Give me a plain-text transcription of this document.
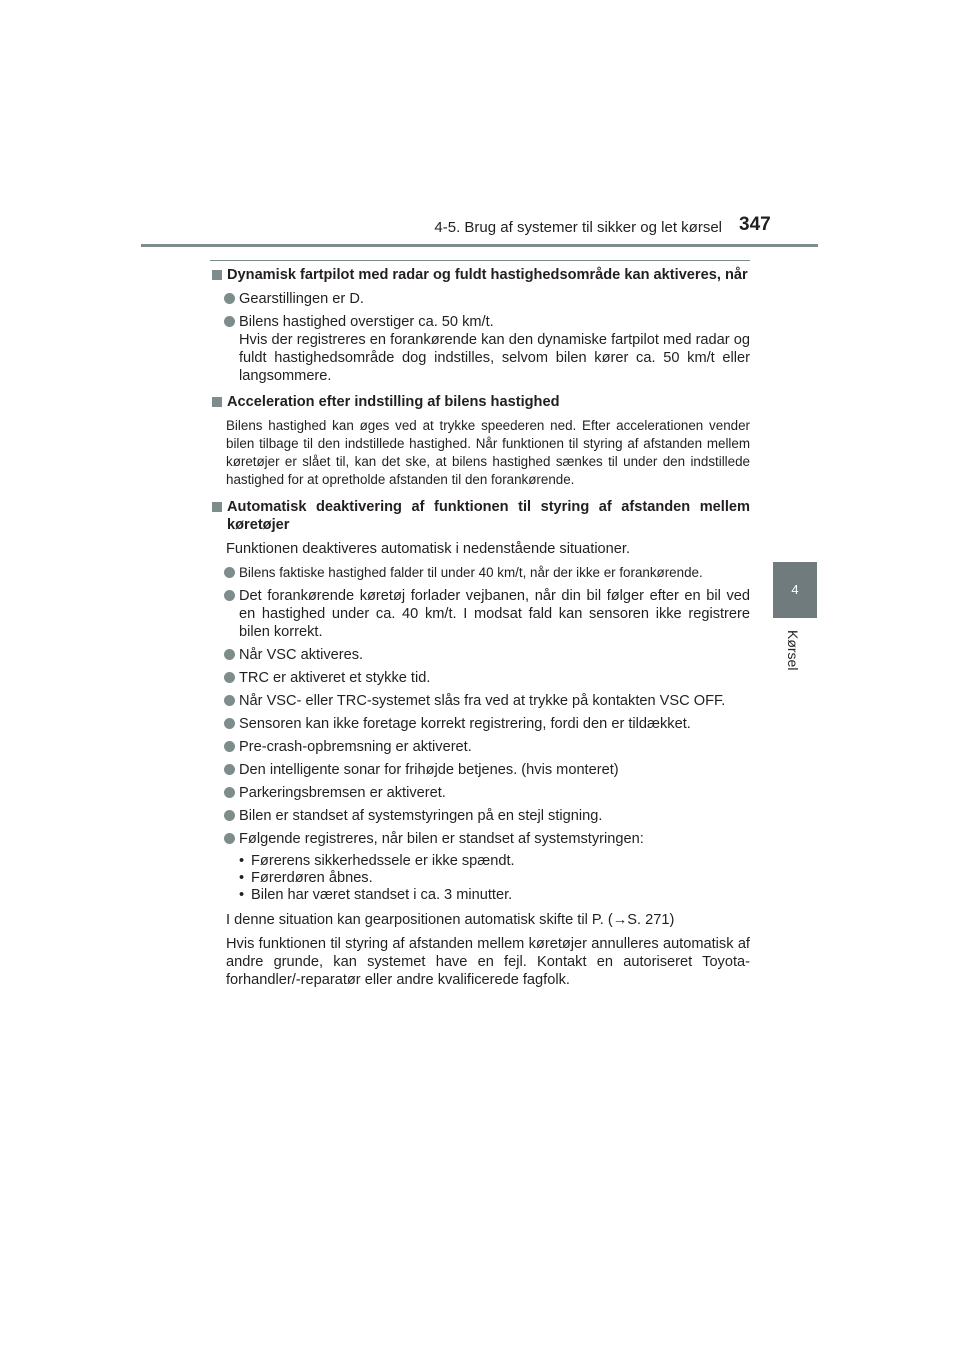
4-5. Brug af systemer til sikker og let kørsel 347
4
Kørsel
Dynamisk fartpilot med radar og fuldt hastighedsområde kan aktiveres, når
Gearstillingen er D.
Bilens hastighed overstiger ca. 50 km/t.
Hvis der registreres en forankørende kan den dynamiske fartpilot med radar og fuldt hastighedsområde dog indstilles, selvom bilen kører ca. 50 km/t eller langsommere.
Acceleration efter indstilling af bilens hastighed
Bilens hastighed kan øges ved at trykke speederen ned. Efter accelerationen vender bilen tilbage til den indstillede hastighed. Når funktionen til styring af afstanden mellem køretøjer er slået til, kan det ske, at bilens hastighed sænkes til under den indstillede hastighed for at opretholde afstanden til den forankørende.
Automatisk deaktivering af funktionen til styring af afstanden mellem køretøjer
Funktionen deaktiveres automatisk i nedenstående situationer.
Bilens faktiske hastighed falder til under 40 km/t, når der ikke er forankørende.
Det forankørende køretøj forlader vejbanen, når din bil følger efter en bil ved en hastighed under ca. 40 km/t. I modsat fald kan sensoren ikke registrere bilen korrekt.
Når VSC aktiveres.
TRC er aktiveret et stykke tid.
Når VSC- eller TRC-systemet slås fra ved at trykke på kontakten VSC OFF.
Sensoren kan ikke foretage korrekt registrering, fordi den er tildækket.
Pre-crash-opbremsning er aktiveret.
Den intelligente sonar for frihøjde betjenes. (hvis monteret)
Parkeringsbremsen er aktiveret.
Bilen er standset af systemstyringen på en stejl stigning.
Følgende registreres, når bilen er standset af systemstyringen:
• Førerens sikkerhedssele er ikke spændt.
• Førerdøren åbnes.
• Bilen har været standset i ca. 3 minutter.
I denne situation kan gearpositionen automatisk skifte til P. (→S. 271)
Hvis funktionen til styring af afstanden mellem køretøjer annulleres automatisk af andre grunde, kan systemet have en fejl. Kontakt en autoriseret Toyota-forhandler/-reparatør eller andre kvalificerede fagfolk.
